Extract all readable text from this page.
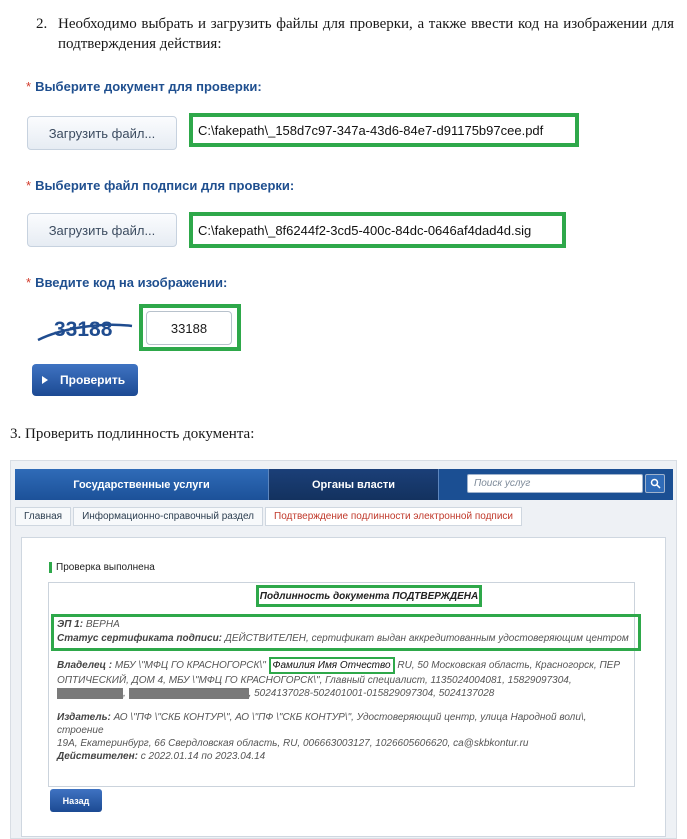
2. Необходимо выбрать и загрузить файлы для проверки, а также ввести код на изображении для подтверждения действия:
* Выберите документ для проверки:
Загрузить файл...	C:\fakepath\_158d7c97-347a-43d6-84e7-d91175b97cee.pdf
* Выберите файл подписи для проверки:
Загрузить файл...	C:\fakepath\_8f6244f2-3cd5-400c-84dc-0646af4dad4d.sig
* Введите код на изображении:
33188	33188
Проверить
3. Проверить подлинность документа:
Государственные услуги	Органы власти	Поиск услуг
Главная	Информационно-справочный раздел	Подтверждение подлинности электронной подписи
Проверка выполнена
Подлинность документа ПОДТВЕРЖДЕНА
ЭП 1: ВЕРНА
Статус сертификата подписи: ДЕЙСТВИТЕЛЕН, сертификат выдан аккредитованным удостоверяющим центром
Владелец : МБУ \"МФЦ ГО КРАСНОГОРСК\" Фамилия Имя Отчество RU, 50 Московская область, Красногорск, ПЕР
ОПТИЧЕСКИЙ, ДОМ 4, МБУ \"МФЦ ГО КРАСНОГОРСК\", Главный специалист, 1135024004081, 15829097304,
,	, 5024137028-502401001-015829097304, 5024137028
Издатель: АО \"ПФ \"СКБ КОНТУР\", АО \"ПФ \"СКБ КОНТУР\", Удостоверяющий центр, улица Народной воли\, строение
19А, Екатеринбург, 66 Свердловская область, RU, 006663003127, 1026605606620, ca@skbkontur.ru
Действителен: с 2022.01.14 по 2023.04.14
Назад
